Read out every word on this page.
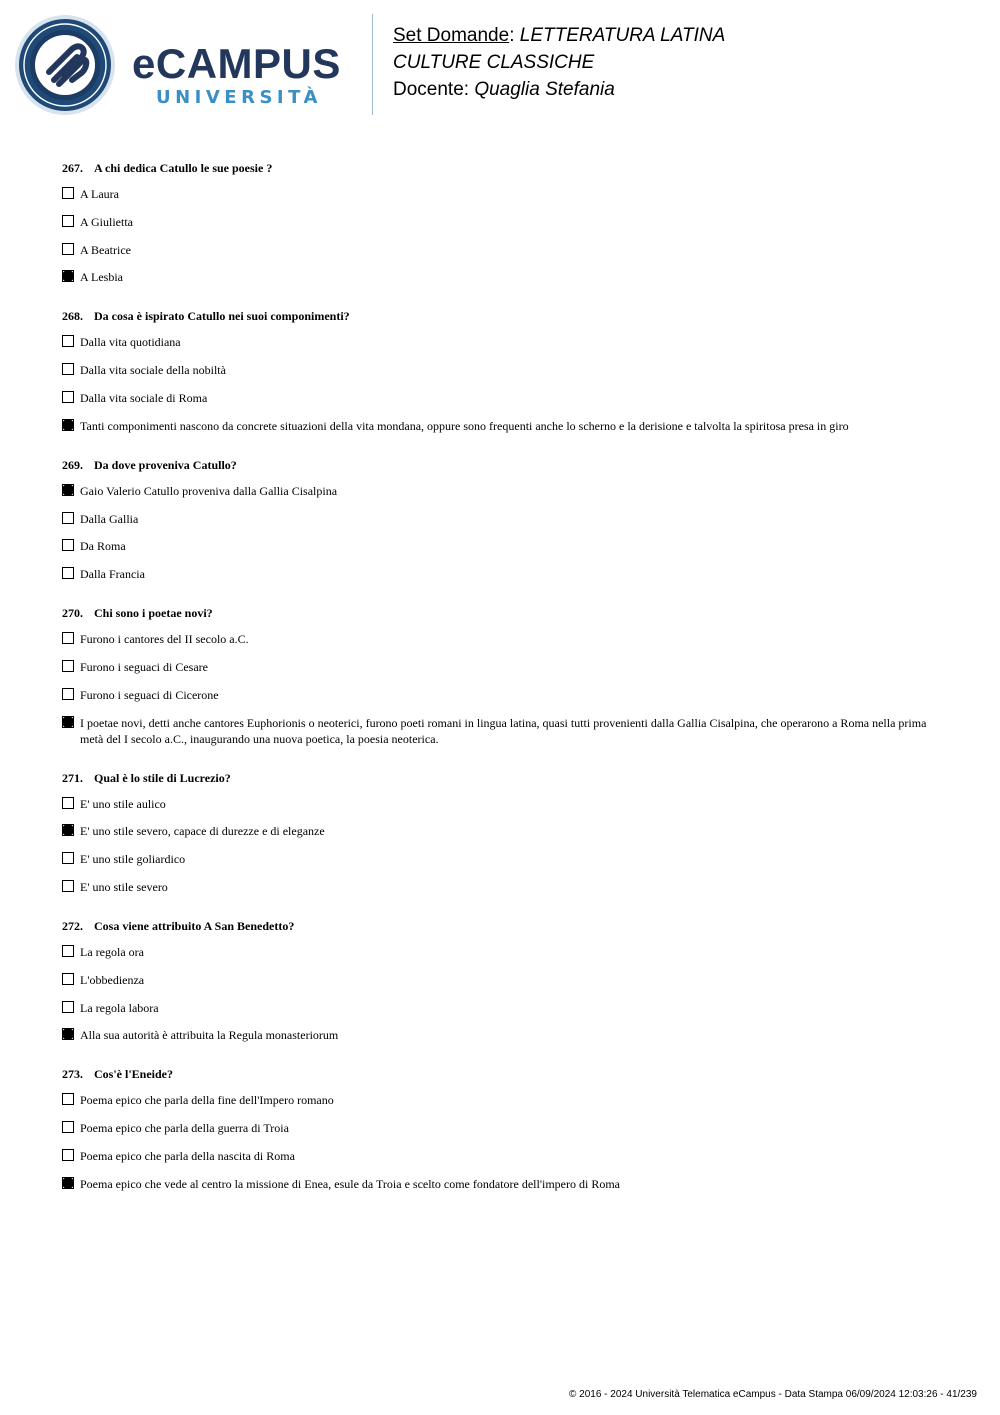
eCAMPUS
UNIVERSITÀ
Set Domande: LETTERATURA LATINA
CULTURE CLASSICHE
Docente: Quaglia Stefania
267. A chi dedica Catullo le sue poesie ?
A Laura
A Giulietta
A Beatrice
A Lesbia
268. Da cosa è ispirato Catullo nei suoi componimenti?
Dalla vita quotidiana
Dalla vita sociale della nobiltà
Dalla vita sociale di Roma
Tanti componimenti nascono da concrete situazioni della vita mondana, oppure sono frequenti anche lo scherno e la derisione e talvolta la spiritosa presa in giro
269. Da dove proveniva Catullo?
Gaio Valerio Catullo proveniva dalla Gallia Cisalpina
Dalla Gallia
Da Roma
Dalla Francia
270. Chi sono i poetae novi?
Furono i cantores del II secolo a.C.
Furono i seguaci di Cesare
Furono i seguaci di Cicerone
I poetae novi, detti anche cantores Euphorionis o neoterici, furono poeti romani in lingua latina, quasi tutti provenienti dalla Gallia Cisalpina, che operarono a Roma nella prima metà del I secolo a.C., inaugurando una nuova poetica, la poesia neoterica.
271. Qual è lo stile di Lucrezio?
E' uno stile aulico
E' uno stile severo, capace di durezze e di eleganze
E' uno stile goliardico
E' uno stile severo
272. Cosa viene attribuito A San Benedetto?
La regola ora
L'obbedienza
La regola labora
Alla sua autorità è attribuita la Regula monasteriorum
273. Cos'è l'Eneide?
Poema epico che parla della fine dell'Impero romano
Poema epico che parla della guerra di Troia
Poema epico che parla della nascita di Roma
Poema epico che vede al centro la missione di Enea, esule da Troia e scelto come fondatore dell'impero di Roma
© 2016 - 2024 Università Telematica eCampus - Data Stampa 06/09/2024 12:03:26 - 41/239
